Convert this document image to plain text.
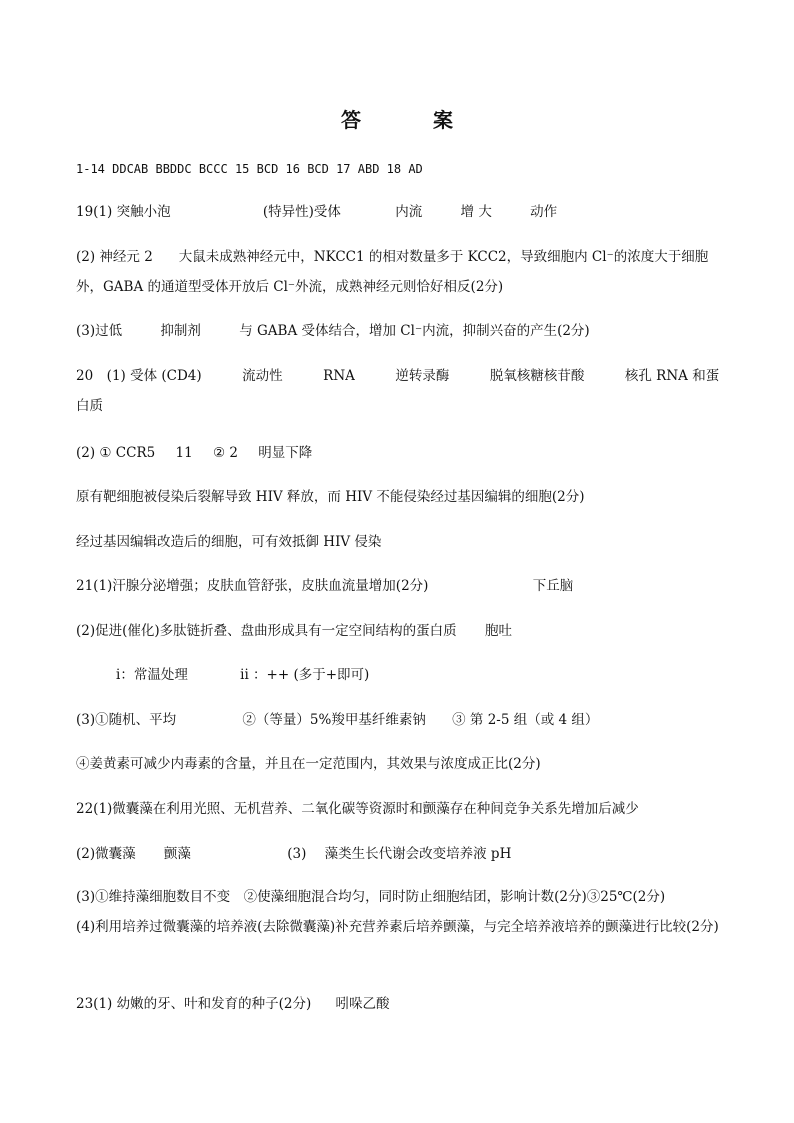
答　案
1-14 DDCAB BBDDC BCCC 15 BCD 16 BCD 17 ABD 18 AD
19(1) 突触小泡	(特异性)受体	内流	增 大	动作
(2) 神经元 2 大鼠未成熟神经元中，NKCC1 的相对数量多于 KCC2，导致细胞内 Cl⁻的浓度大于细胞外，GABA 的通道型受体开放后 Cl⁻外流，成熟神经元则恰好相反(2分)
(3)过低	抑制剂	与 GABA 受体结合，增加 Cl⁻内流，抑制兴奋的产生(2分)
20　(1) 受体 (CD4)　　　流动性　　　RNA　　　逆转录酶　　　脱氧核糖核苷酸　　　核孔 RNA 和蛋白质
(2) ① CCR5 11 ② 2 明显下降
原有靶细胞被侵染后裂解导致 HIV 释放，而 HIV 不能侵染经过基因编辑的细胞(2分)
经过基因编辑改造后的细胞，可有效抵御 HIV 侵染
21(1)汗腺分泌增强；皮肤血管舒张，皮肤血流量增加(2分)	下丘脑
(2)促进(催化)多肽链折叠、盘曲形成具有一定空间结构的蛋白质 胞吐
i：常温处理	ii ：++ (多于+即可)
(3)①随机、平均	②（等量）5%羧甲基纤维素钠 ③ 第 2-5 组（或 4 组）
④姜黄素可减少内毒素的含量，并且在一定范围内，其效果与浓度成正比(2分)
22(1)微囊藻在利用光照、无机营养、二氧化碳等资源时和颤藻存在种间竞争关系先增加后减少
(2)微囊藻 颤藻	(3) 藻类生长代谢会改变培养液 pH
(3)①维持藻细胞数目不变　②使藻细胞混合均匀，同时防止细胞结团，影响计数(2分)③25℃(2分)
(4)利用培养过微囊藻的培养液(去除微囊藻)补充营养素后培养颤藻，与完全培养液培养的颤藻进行比较(2分)
23(1) 幼嫩的牙、叶和发育的种子(2分) 吲哚乙酸
